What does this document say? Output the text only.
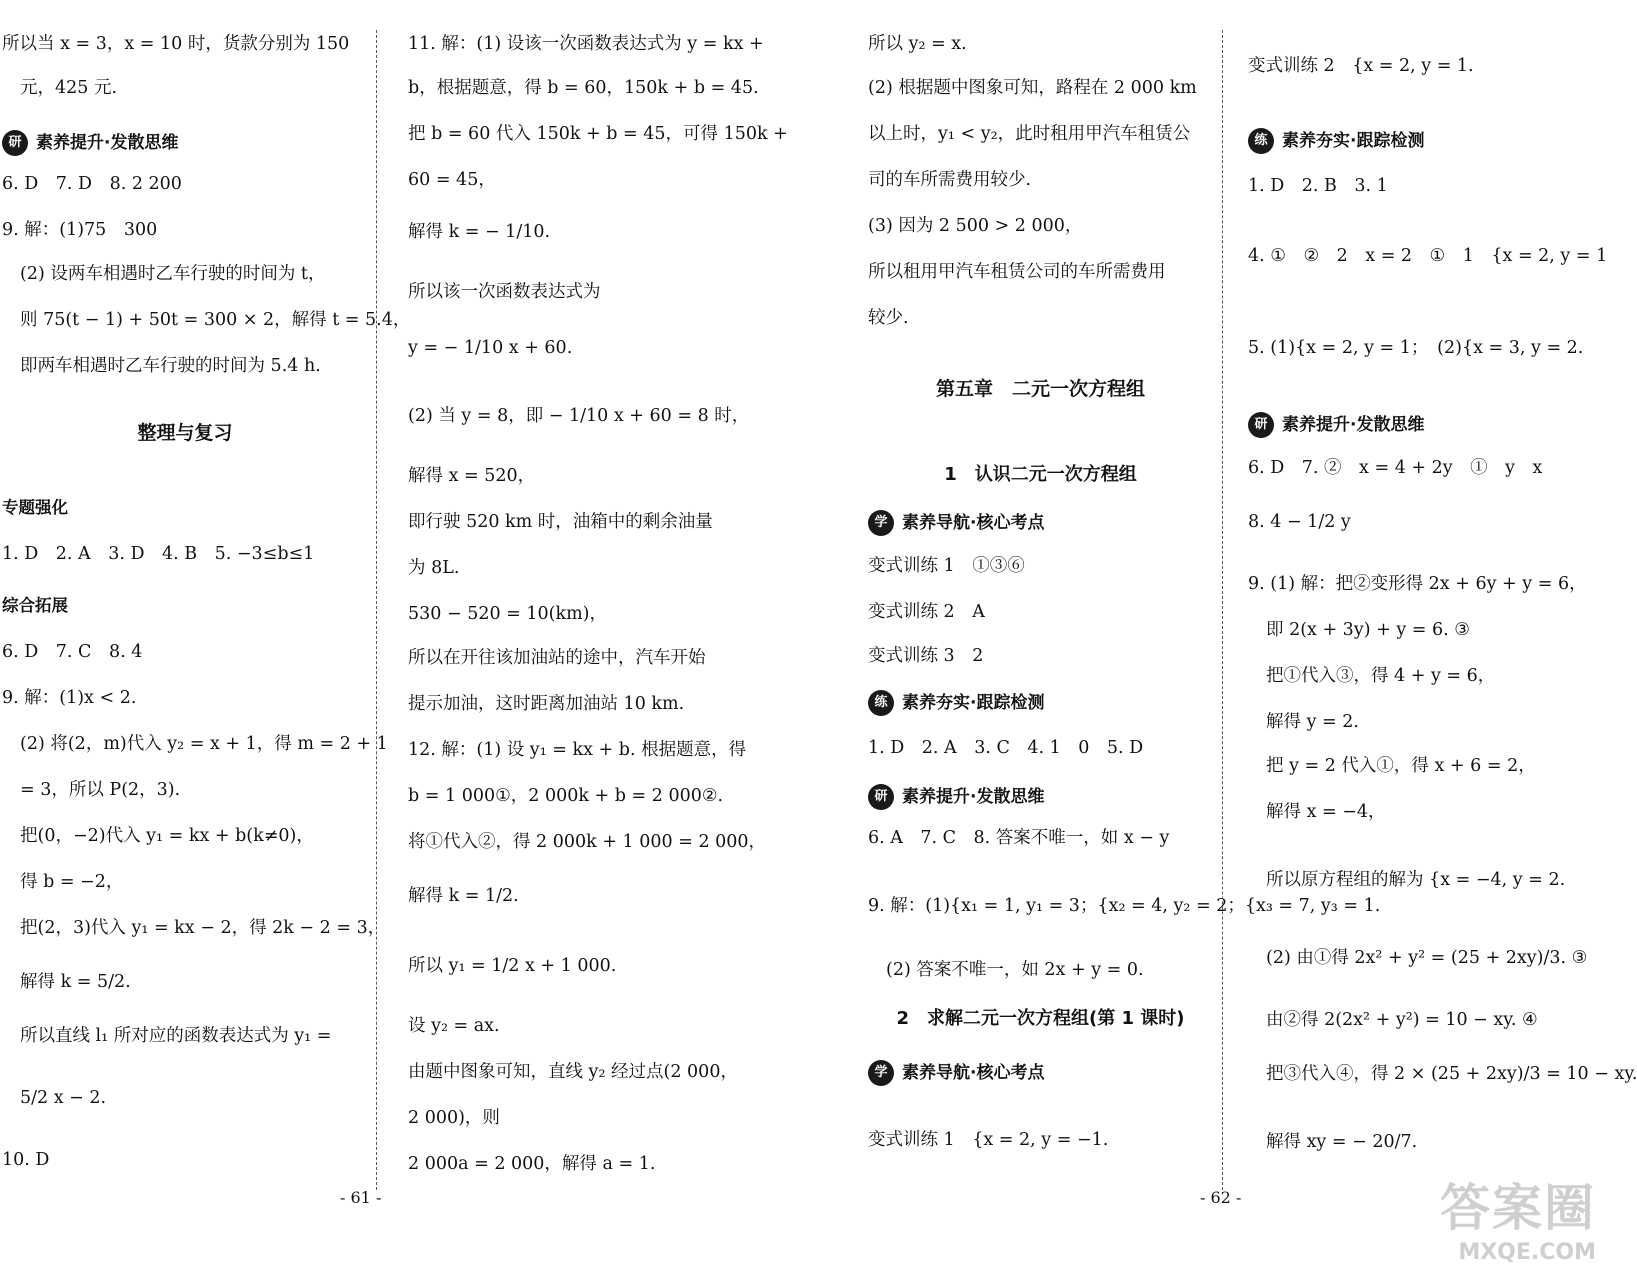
所以当 x = 3，x = 10 时，货款分别为 150
元，425 元.
研 素养提升·发散思维
6. D　7. D　8. 2 200
9. 解：(1)75　300
(2) 设两车相遇时乙车行驶的时间为 t，
则 75(t − 1) + 50t = 300 × 2，解得 t = 5.4，
即两车相遇时乙车行驶的时间为 5.4 h.
整理与复习
专题强化
1. D　2. A　3. D　4. B　5. −3≤b≤1
综合拓展
6. D　7. C　8. 4
9. 解：(1)x < 2.
(2) 将(2，m)代入 y₂ = x + 1，得 m = 2 + 1
= 3，所以 P(2，3).
把(0，−2)代入 y₁ = kx + b(k≠0)，
得 b = −2，
把(2，3)代入 y₁ = kx − 2，得 2k − 2 = 3，
解得 k = 5/2.
所以直线 l₁ 所对应的函数表达式为 y₁ =
5/2 x − 2.
10. D
11. 解：(1) 设该一次函数表达式为 y = kx +
b，根据题意，得 b = 60，150k + b = 45.
把 b = 60 代入 150k + b = 45，可得 150k +
60 = 45，
解得 k = − 1/10.
所以该一次函数表达式为
y = − 1/10 x + 60.
(2) 当 y = 8，即 − 1/10 x + 60 = 8 时，
解得 x = 520，
即行驶 520 km 时，油箱中的剩余油量
为 8L.
530 − 520 = 10(km)，
所以在开往该加油站的途中，汽车开始
提示加油，这时距离加油站 10 km.
12. 解：(1) 设 y₁ = kx + b. 根据题意，得
b = 1 000①，2 000k + b = 2 000②.
将①代入②，得 2 000k + 1 000 = 2 000，
解得 k = 1/2.
所以 y₁ = 1/2 x + 1 000.
设 y₂ = ax.
由题中图象可知，直线 y₂ 经过点(2 000，
2 000)，则
2 000a = 2 000，解得 a = 1.
所以 y₂ = x.
(2) 根据题中图象可知，路程在 2 000 km
以上时，y₁ < y₂，此时租用甲汽车租赁公
司的车所需费用较少.
(3) 因为 2 500 > 2 000，
所以租用甲汽车租赁公司的车所需费用
较少.
第五章　二元一次方程组
1　认识二元一次方程组
学 素养导航·核心考点
变式训练 1　①③⑥
变式训练 2　A
变式训练 3　2
练 素养夯实·跟踪检测
1. D　2. A　3. C　4. 1　0　5. D
研 素养提升·发散思维
6. A　7. C　8. 答案不唯一，如 x − y
9. 解：(1){x₁ = 1, y₁ = 3；{x₂ = 4, y₂ = 2；{x₃ = 7, y₃ = 1.
(2) 答案不唯一，如 2x + y = 0.
2　求解二元一次方程组(第 1 课时)
学 素养导航·核心考点
变式训练 1　{x = 2, y = −1.
变式训练 2　{x = 2, y = 1.
练 素养夯实·跟踪检测
1. D　2. B　3. 1
4. ①　②　2　x = 2　①　1　{x = 2, y = 1
5. (1){x = 2, y = 1；　(2){x = 3, y = 2.
研 素养提升·发散思维
6. D　7. ②　x = 4 + 2y　①　y　x
8. 4 − 1/2 y
9. (1) 解：把②变形得 2x + 6y + y = 6，
即 2(x + 3y) + y = 6. ③
把①代入③，得 4 + y = 6，
解得 y = 2.
把 y = 2 代入①，得 x + 6 = 2，
解得 x = −4，
所以原方程组的解为 {x = −4, y = 2.
(2) 由①得 2x² + y² = (25 + 2xy)/3. ③
由②得 2(2x² + y²) = 10 − xy. ④
把③代入④，得 2 × (25 + 2xy)/3 = 10 − xy.
解得 xy = − 20/7.
- 61 -	- 62 -	答案圈
MXQE.COM
